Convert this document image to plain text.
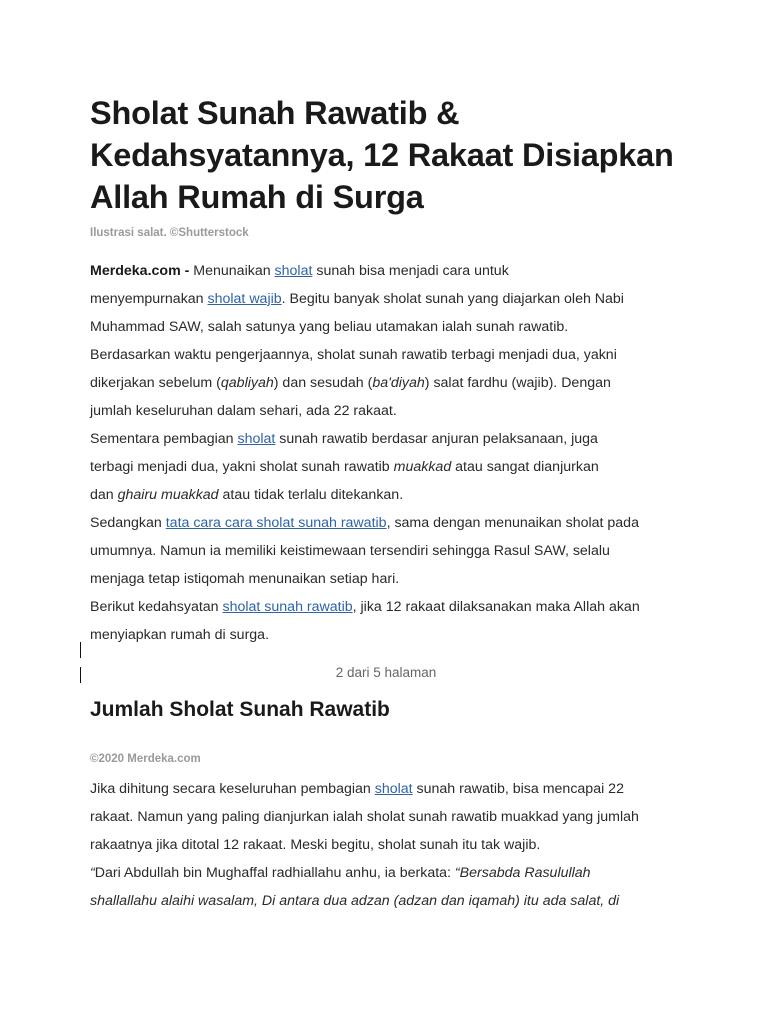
Sholat Sunah Rawatib & Kedahsyatannya, 12 Rakaat Disiapkan Allah Rumah di Surga

Ilustrasi salat. ©Shutterstock

Merdeka.com - Menunaikan sholat sunah bisa menjadi cara untuk
menyempurnakan sholat wajib. Begitu banyak sholat sunah yang diajarkan oleh Nabi
Muhammad SAW, salah satunya yang beliau utamakan ialah sunah rawatib.
Berdasarkan waktu pengerjaannya, sholat sunah rawatib terbagi menjadi dua, yakni
dikerjakan sebelum (qabliyah) dan sesudah (ba'diyah) salat fardhu (wajib). Dengan
jumlah keseluruhan dalam sehari, ada 22 rakaat.
Sementara pembagian sholat sunah rawatib berdasar anjuran pelaksanaan, juga
terbagi menjadi dua, yakni sholat sunah rawatib muakkad atau sangat dianjurkan
dan ghairu muakkad atau tidak terlalu ditekankan.
Sedangkan tata cara cara sholat sunah rawatib, sama dengan menunaikan sholat pada
umumnya. Namun ia memiliki keistimewaan tersendiri sehingga Rasul SAW, selalu
menjaga tetap istiqomah menunaikan setiap hari.
Berikut kedahsyatan sholat sunah rawatib, jika 12 rakaat dilaksanakan maka Allah akan
menyiapkan rumah di surga.
2 dari 5 halaman
Jumlah Sholat Sunah Rawatib

©2020 Merdeka.com

Jika dihitung secara keseluruhan pembagian sholat sunah rawatib, bisa mencapai 22
rakaat. Namun yang paling dianjurkan ialah sholat sunah rawatib muakkad yang jumlah
rakaatnya jika ditotal 12 rakaat. Meski begitu, sholat sunah itu tak wajib.
“Dari Abdullah bin Mughaffal radhiallahu anhu, ia berkata: “Bersabda Rasulullah
shallallahu alaihi wasalam, Di antara dua adzan (adzan dan iqamah) itu ada salat, di
